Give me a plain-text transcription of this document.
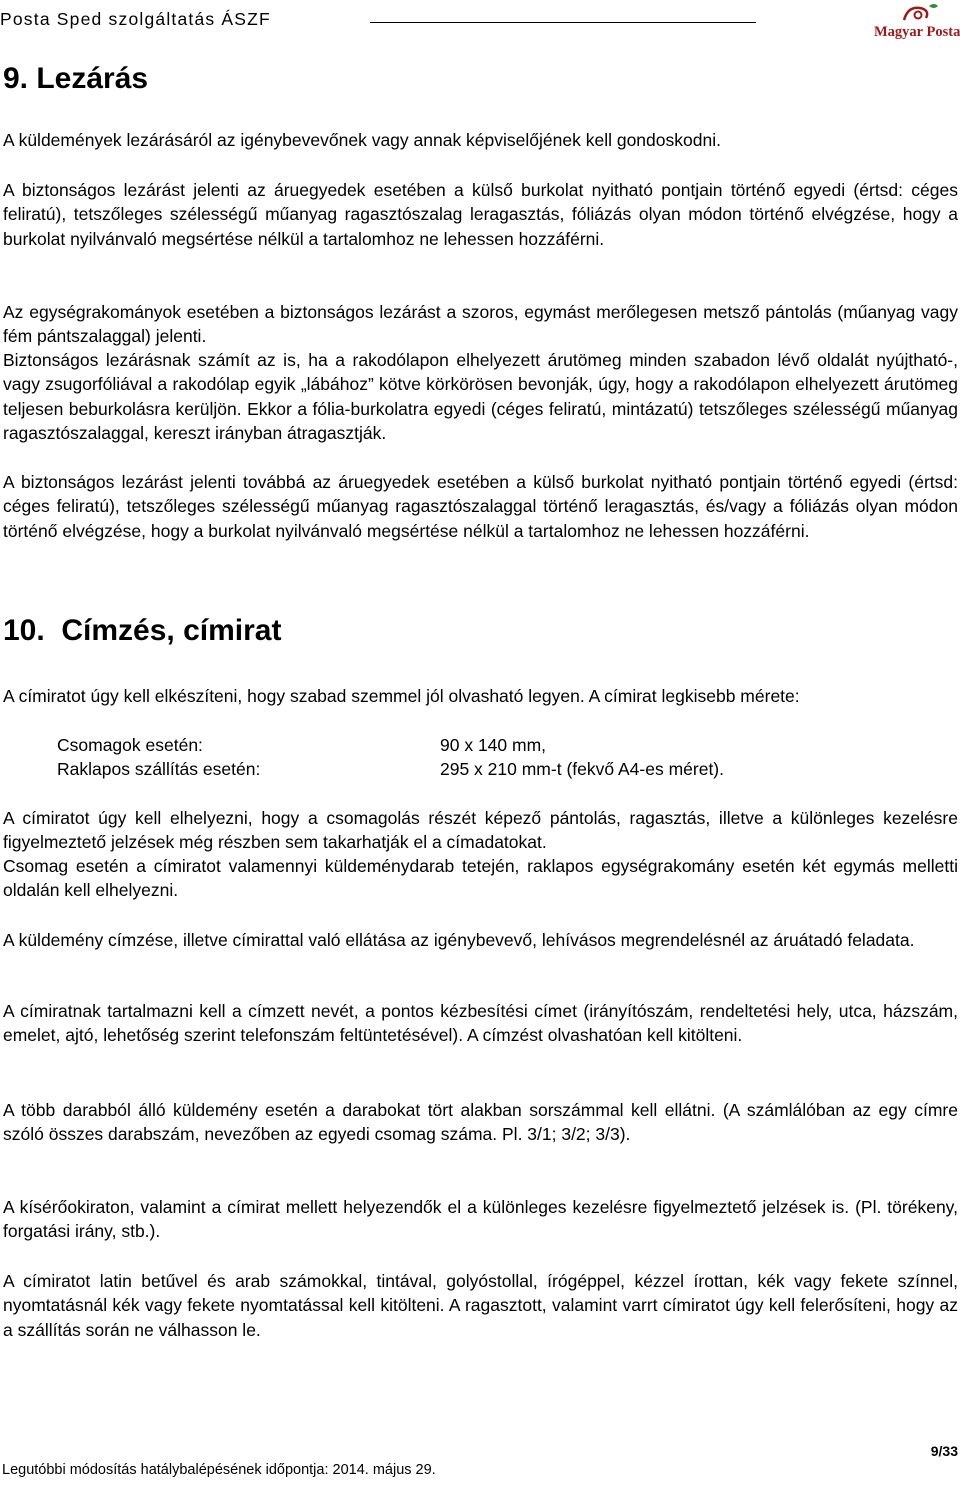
Posta Sped szolgáltatás ÁSZF
Magyar Posta
9. Lezárás

A küldemények lezárásáról az igénybevevőnek vagy annak képviselőjének kell gondoskodni.

A biztonságos lezárást jelenti az áruegyedek esetében a külső burkolat nyitható pontjain történő egyedi (értsd: céges feliratú), tetszőleges szélességű műanyag ragasztószalag leragasztás, fóliázás olyan módon történő elvégzése, hogy a burkolat nyilvánvaló megsértése nélkül a tartalomhoz ne lehessen hozzáférni.

Az egységrakományok esetében a biztonságos lezárást a szoros, egymást merőlegesen metsző pántolás (műanyag vagy fém pántszalaggal) jelenti.

Biztonságos lezárásnak számít az is, ha a rakodólapon elhelyezett árutömeg minden szabadon lévő oldalát nyújtható-, vagy zsugorfóliával a rakodólap egyik „lábához” kötve körkörösen bevonják, úgy, hogy a rakodólapon elhelyezett árutömeg teljesen beburkolásra kerüljön. Ekkor a fólia-burkolatra egyedi (céges feliratú, mintázatú) tetszőleges szélességű műanyag ragasztószalaggal, kereszt irányban átragasztják.

A biztonságos lezárást jelenti továbbá az áruegyedek esetében a külső burkolat nyitható pontjain történő egyedi (értsd: céges feliratú), tetszőleges szélességű műanyag ragasztószalaggal történő leragasztás, és/vagy a fóliázás olyan módon történő elvégzése, hogy a burkolat nyilvánvaló megsértése nélkül a tartalomhoz ne lehessen hozzáférni.

10.  Címzés, címirat

A címiratot úgy kell elkészíteni, hogy szabad szemmel jól olvasható legyen. A címirat legkisebb mérete:

Csomagok esetén:	90 x 140 mm,
Raklapos szállítás esetén:	295 x 210 mm-t (fekvő A4-es méret).

A címiratot úgy kell elhelyezni, hogy a csomagolás részét képező pántolás, ragasztás, illetve a különleges kezelésre figyelmeztető jelzések még részben sem takarhatják el a címadatokat.

Csomag esetén a címiratot valamennyi küldeménydarab tetején, raklapos egységrakomány esetén két egymás melletti oldalán kell elhelyezni.

A küldemény címzése, illetve címirattal való ellátása az igénybevevő, lehívásos megrendelésnél az áruátadó feladata.

A címiratnak tartalmazni kell a címzett nevét, a pontos kézbesítési címet (irányítószám, rendeltetési hely, utca, házszám, emelet, ajtó, lehetőség szerint telefonszám feltüntetésével). A címzést olvashatóan kell kitölteni.

A több darabból álló küldemény esetén a darabokat tört alakban sorszámmal kell ellátni. (A számlálóban az egy címre szóló összes darabszám, nevezőben az egyedi csomag száma. Pl. 3/1; 3/2; 3/3).

A kísérőokiraton, valamint a címirat mellett helyezendők el a különleges kezelésre figyelmeztető jelzések is. (Pl. törékeny, forgatási irány, stb.).

A címiratot latin betűvel és arab számokkal, tintával, golyóstollal, írógéppel, kézzel írottan, kék vagy fekete színnel, nyomtatásnál kék vagy fekete nyomtatással kell kitölteni. A ragasztott, valamint varrt címiratot úgy kell felerősíteni, hogy az a szállítás során ne válhasson le.

9/33
Legutóbbi módosítás hatálybalépésének időpontja: 2014. május 29.
